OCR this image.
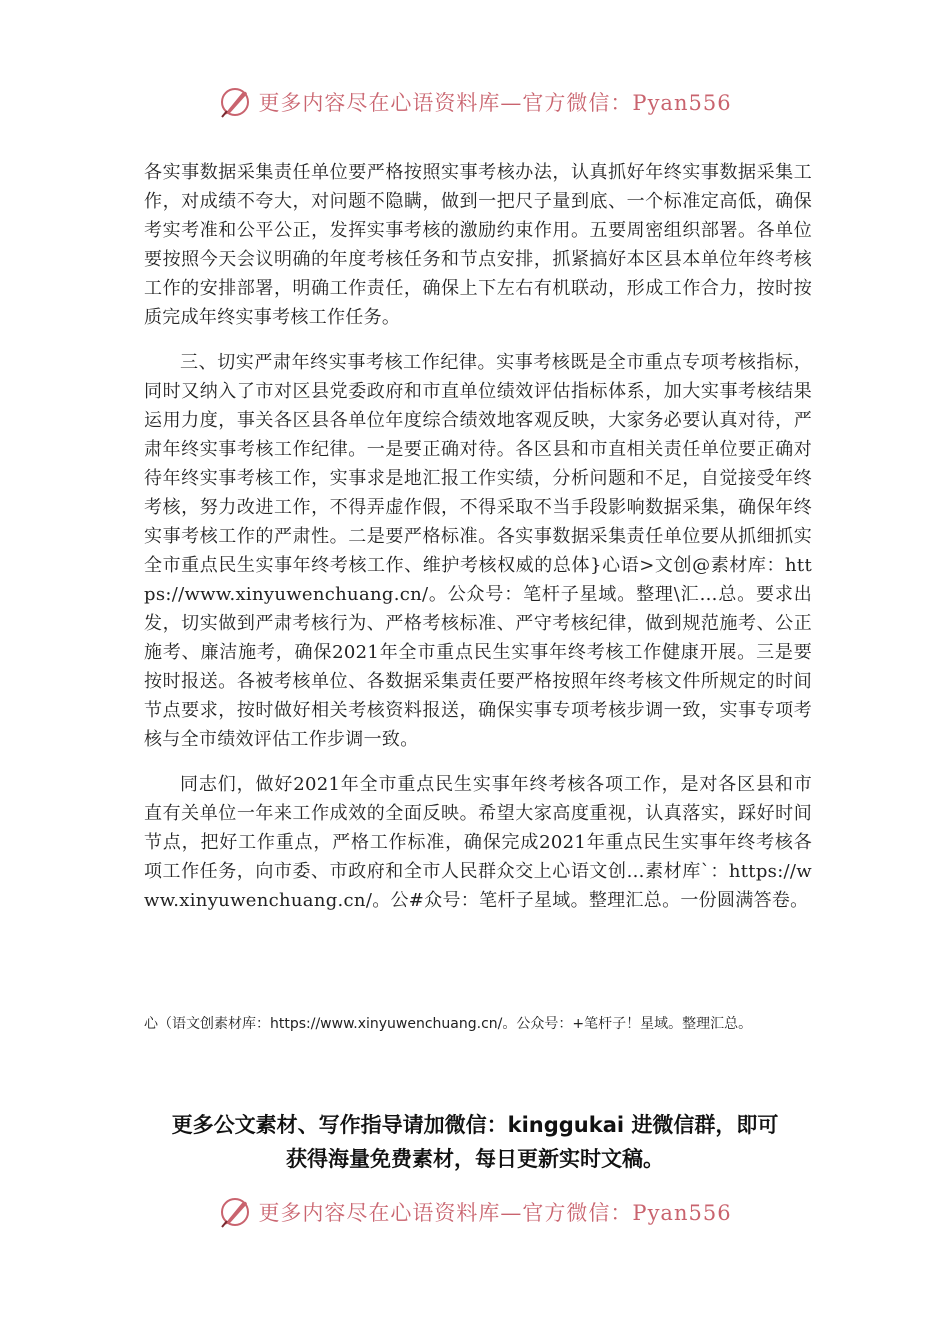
更多内容尽在心语资料库—官方微信：Pyan556

各实事数据采集责任单位要严格按照实事考核办法，认真抓好年终实事数据采集工作，对成绩不夸大，对问题不隐瞒，做到一把尺子量到底、一个标准定高低，确保考实考准和公平公正，发挥实事考核的激励约束作用。五要周密组织部署。各单位要按照今天会议明确的年度考核任务和节点安排，抓紧搞好本区县本单位年终考核工作的安排部署，明确工作责任，确保上下左右有机联动，形成工作合力，按时按质完成年终实事考核工作任务。

三、切实严肃年终实事考核工作纪律。实事考核既是全市重点专项考核指标，同时又纳入了市对区县党委政府和市直单位绩效评估指标体系，加大实事考核结果运用力度，事关各区县各单位年度综合绩效地客观反映，大家务必要认真对待，严肃年终实事考核工作纪律。一是要正确对待。各区县和市直相关责任单位要正确对待年终实事考核工作，实事求是地汇报工作实绩，分析问题和不足，自觉接受年终考核，努力改进工作，不得弄虚作假，不得采取不当手段影响数据采集，确保年终实事考核工作的严肃性。二是要严格标准。各实事数据采集责任单位要从抓细抓实全市重点民生实事年终考核工作、维护考核权威的总体}心语>文创@素材库：https://www.xinyuwenchuang.cn/。公众号：笔杆子星域。整理\汇…总。要求出发，切实做到严肃考核行为、严格考核标准、严守考核纪律，做到规范施考、公正施考、廉洁施考，确保2021年全市重点民生实事年终考核工作健康开展。三是要按时报送。各被考核单位、各数据采集责任要严格按照年终考核文件所规定的时间节点要求，按时做好相关考核资料报送，确保实事专项考核步调一致，实事专项考核与全市绩效评估工作步调一致。

同志们，做好2021年全市重点民生实事年终考核各项工作，是对各区县和市直有关单位一年来工作成效的全面反映。希望大家高度重视，认真落实，踩好时间节点，把好工作重点，严格工作标准，确保完成2021年重点民生实事年终考核各项工作任务，向市委、市政府和全市人民群众交上心语文创…素材库`：https://www.xinyuwenchuang.cn/。公#众号：笔杆子星域。整理汇总。一份圆满答卷。

心（语文创素材库：https://www.xinyuwenchuang.cn/。公众号：+笔杆子！星域。整理汇总。
更多公文素材、写作指导请加微信：kinggukai 进微信群，即可
获得海量免费素材，每日更新实时文稿。
更多内容尽在心语资料库—官方微信：Pyan556
